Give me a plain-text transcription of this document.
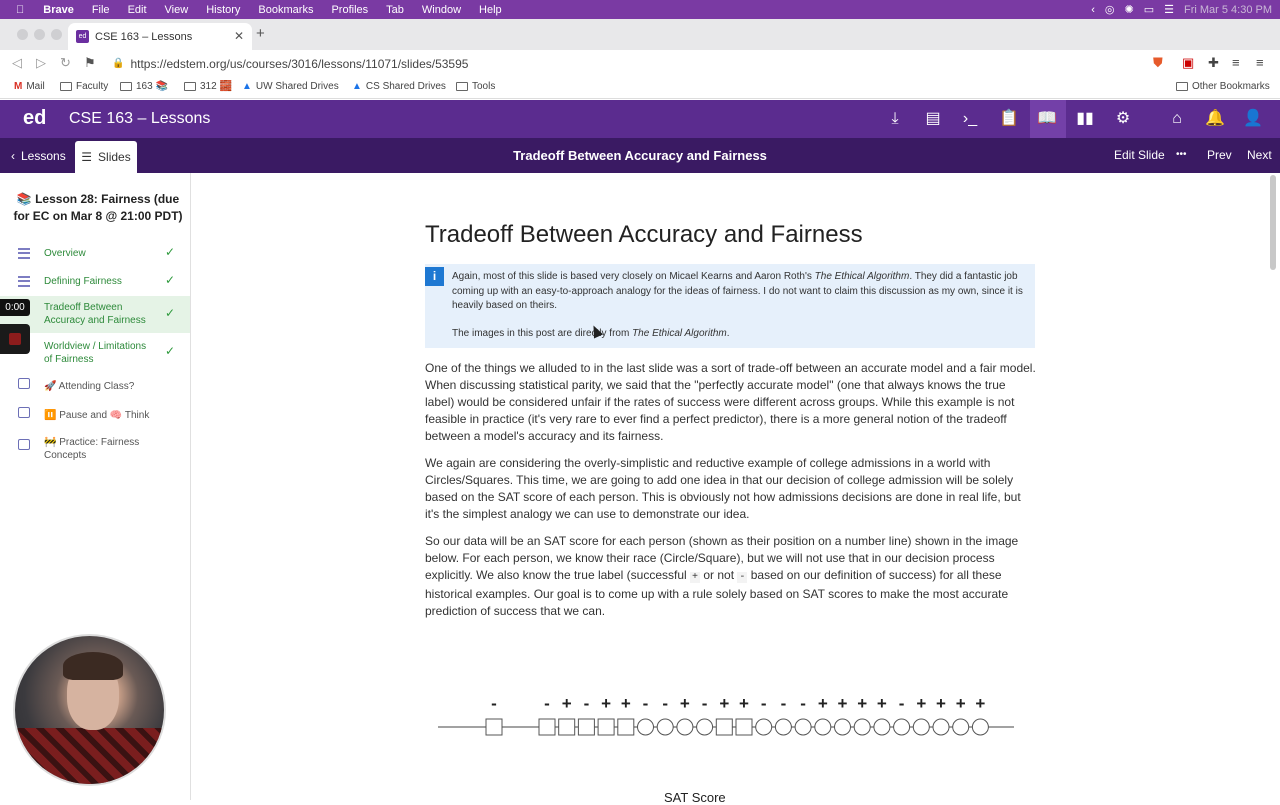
Brave	File	Edit	View	History	Bookmarks	Profiles	Tab	Window	Help	‹ ◎ ✺ ▭ ☰ Fri Mar 5 4:30 PM
ed CSE 163 – Lessons	✕ +
◁ ▷ ↻ ⚑ 🔒 https://edstem.org/us/courses/3016/lessons/11071/slides/53595	⛊ ▣ ✚ ≡ ≡
M Mail	Faculty	163 📚	312 🧱 ▲ UW Shared Drives ▲ CS Shared Drives	Tools	Other Bookmarks
ed CSE 163 – Lessons	⤓	▤ ›_ 📋 📖 ▮▮ ⚙	⌂	🔔 👤
Tradeoff Between Accuracy and Fairness
‹ Lessons ☰ Slides	Edit Slide ••• Prev Next
📚 Lesson 28: Fairness (due for EC on Mar 8 @ 21:00 PDT)
Overview	✓
Defining Fairness	✓
Tradeoff Between Accuracy and Fairness
✓
Worldview / Limitations of Fairness
✓
🚀 Attending Class?
⏸️ Pause and 🧠 Think
🚧 Practice: Fairness Concepts
0:00
Tradeoff Between Accuracy and Fairness
i	Again, most of this slide is based very closely on Micael Kearns and Aaron Roth's The Ethical Algorithm. They did a fantastic job coming up with an easy-to-approach analogy for the ideas of fairness. I do not want to claim this discussion as my own, since it is heavily based on theirs.
The images in this post are directly from The Ethical Algorithm.
One of the things we alluded to in the last slide was a sort of trade-off between an accurate model and a fair model. When discussing statistical parity, we said that the "perfectly accurate model" (one that always knows the true label) would be considered unfair if the rates of success were different across groups. While this example is not feasible in practice (it's very rare to ever find a perfect predictor), there is a more general notion of the tradeoff between a model's accuracy and its fairness.
We again are considering the overly-simplistic and reductive example of college admissions in a world with Circles/Squares. This time, we are going to add one idea in that our decision of college admission will be solely based on the SAT score of each person. This is obviously not how admissions decisions are done in real life, but it's the simplest analogy we can use to demonstrate our idea.
So our data will be an SAT score for each person (shown as their position on a number line) shown in the image below. For each person, we know their race (Circle/Square), but we will not use that in our decision process explicitly. We also know the true label (successful + or not - based on our definition of success) for all these historical examples. Our goal is to come up with a rule solely based on SAT scores to make the most accurate prediction of success that we can.
-	- + - + + - - + - + + - - - + + + + - + + + +
SAT Score
